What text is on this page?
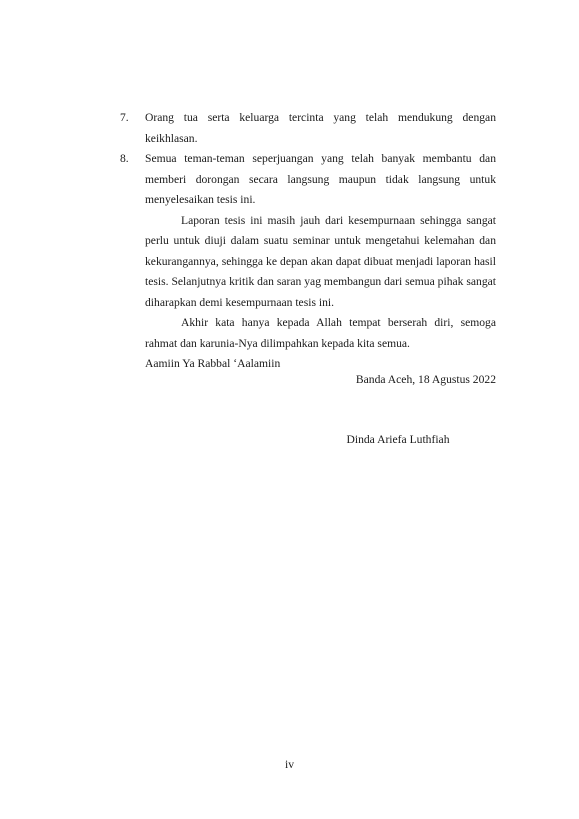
7. Orang tua serta keluarga tercinta yang telah mendukung dengan keikhlasan.
8. Semua teman-teman seperjuangan yang telah banyak membantu dan memberi dorongan secara langsung maupun tidak langsung untuk menyelesaikan tesis ini.
Laporan tesis ini masih jauh dari kesempurnaan sehingga sangat perlu untuk diuji dalam suatu seminar untuk mengetahui kelemahan dan kekurangannya, sehingga ke depan akan dapat dibuat menjadi laporan hasil tesis. Selanjutnya kritik dan saran yag membangun dari semua pihak sangat diharapkan demi kesempurnaan tesis ini.
Akhir kata hanya kepada Allah tempat berserah diri, semoga rahmat dan karunia-Nya dilimpahkan kepada kita semua.
Aamiin Ya Rabbal ‘Aalamiin
Banda Aceh, 18 Agustus 2022
Dinda Ariefa Luthfiah
iv
